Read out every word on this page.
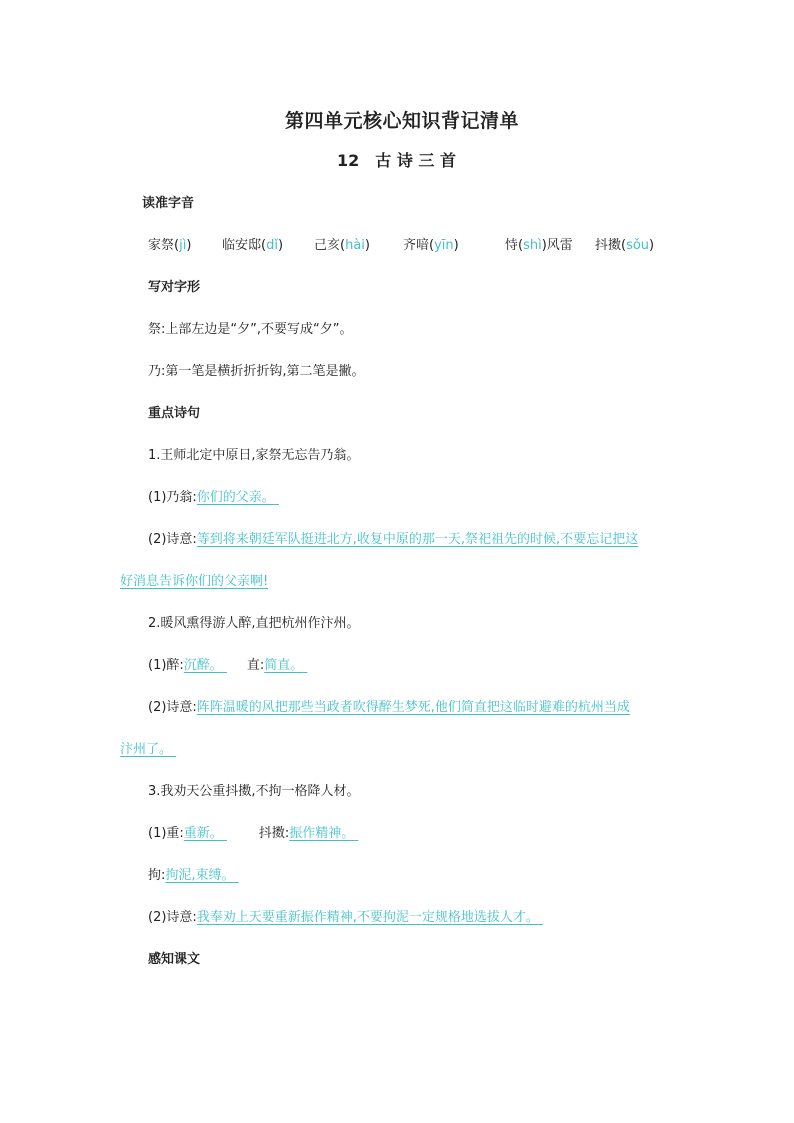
第四单元核心知识背记清单
12　古 诗 三 首
读准字音
家祭(jì) 临安邸(dǐ) 己亥(hài)	齐喑(yīn)	恃(shì)风雷 抖擞(sǒu)
写对字形
祭:上部左边是“夕”,不要写成“夕”。
乃:第一笔是横折折折钩,第二笔是撇。
重点诗句
1.王师北定中原日,家祭无忘告乃翁。
(1)乃翁:你们的父亲。
(2)诗意:等到将来朝廷军队挺进北方,收复中原的那一天,祭祀祖先的时候,不要忘记把这
好消息告诉你们的父亲啊!
2.暖风熏得游人醉,直把杭州作汴州。
(1)醉:沉醉。 直:简直。
(2)诗意:阵阵温暖的风把那些当政者吹得醉生梦死,他们简直把这临时避难的杭州当成
汴州了。
3.我劝天公重抖擞,不拘一格降人材。
(1)重:重新。	抖擞:振作精神。
拘:拘泥,束缚。
(2)诗意:我奉劝上天要重新振作精神,不要拘泥一定规格地选拔人才。
感知课文
